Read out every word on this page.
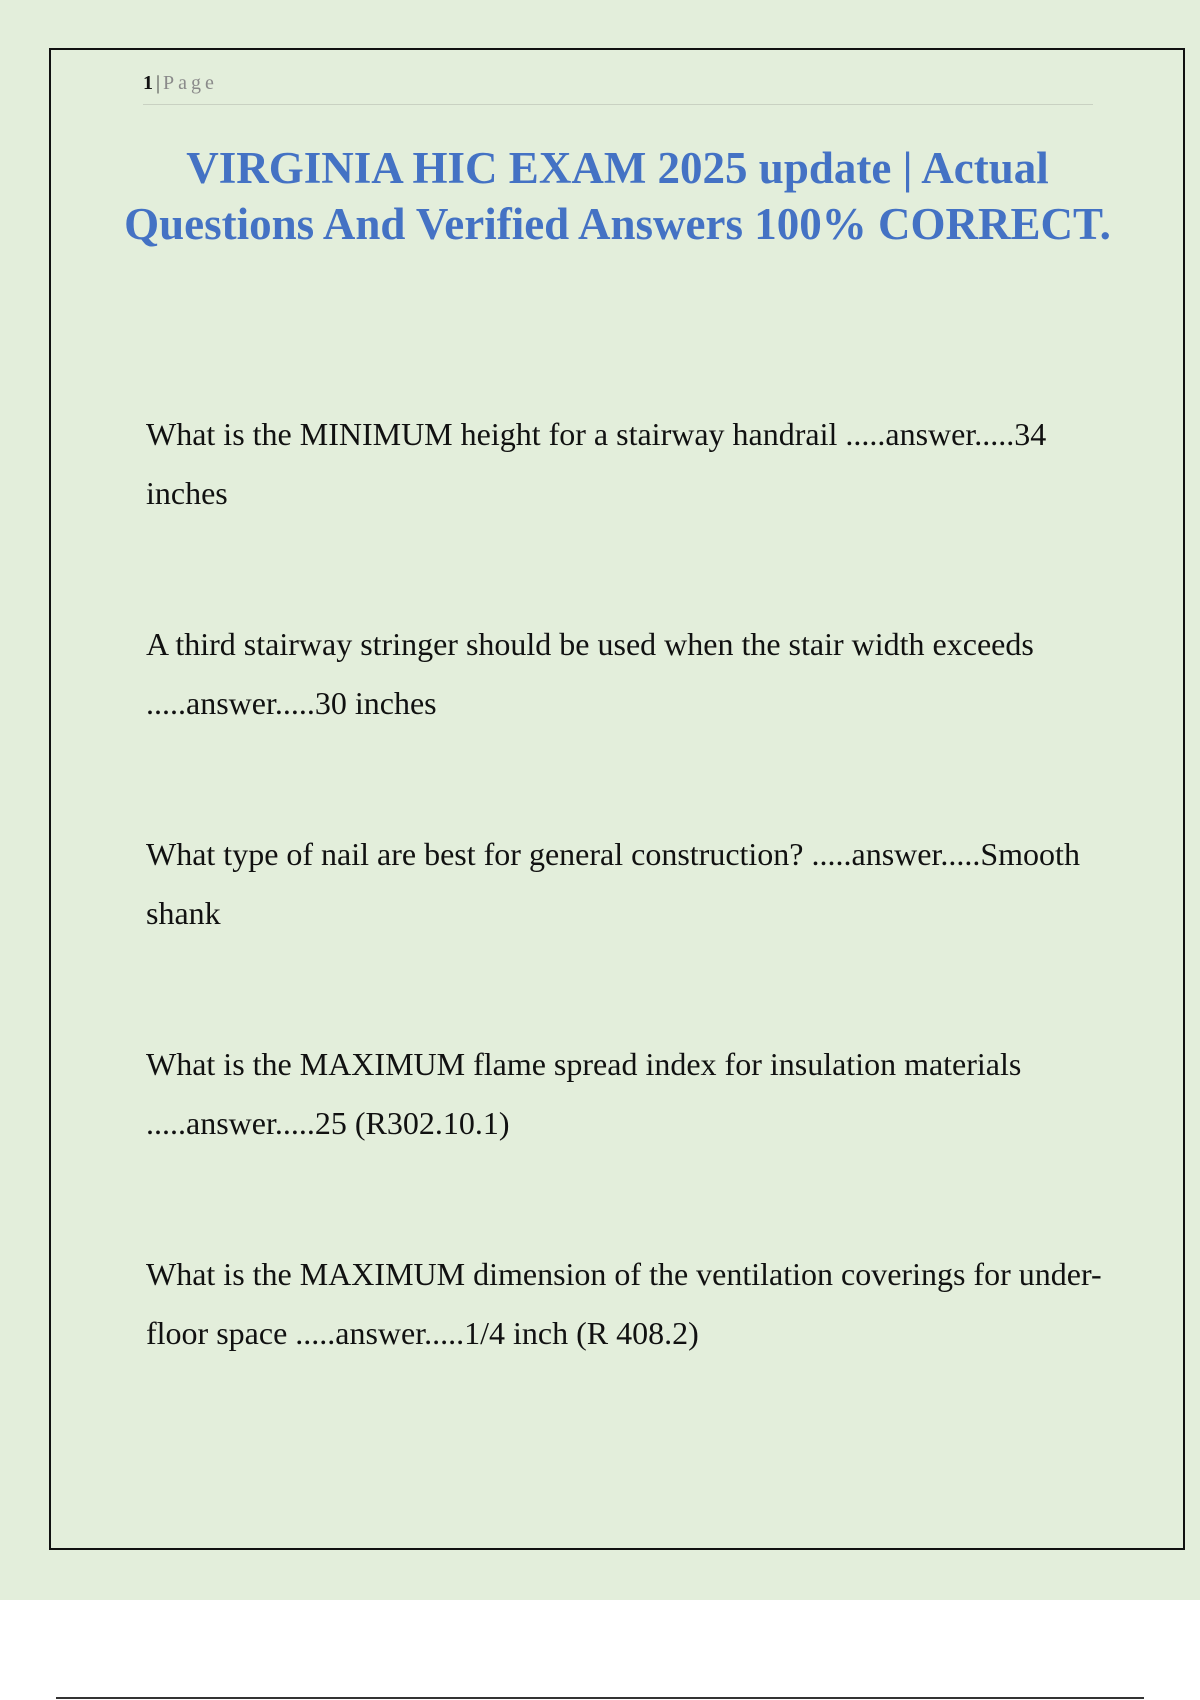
1 | Page
VIRGINIA HIC EXAM 2025 update | Actual Questions And Verified Answers 100% CORRECT.

What is the MINIMUM height for a stairway handrail .....answer.....34 inches

A third stairway stringer should be used when the stair width exceeds .....answer.....30 inches

What type of nail are best for general construction? .....answer.....Smooth shank

What is the MAXIMUM flame spread index for insulation materials .....answer.....25 (R302.10.1)

What is the MAXIMUM dimension of the ventilation coverings for under-floor space .....answer.....1/4 inch (R 408.2)
